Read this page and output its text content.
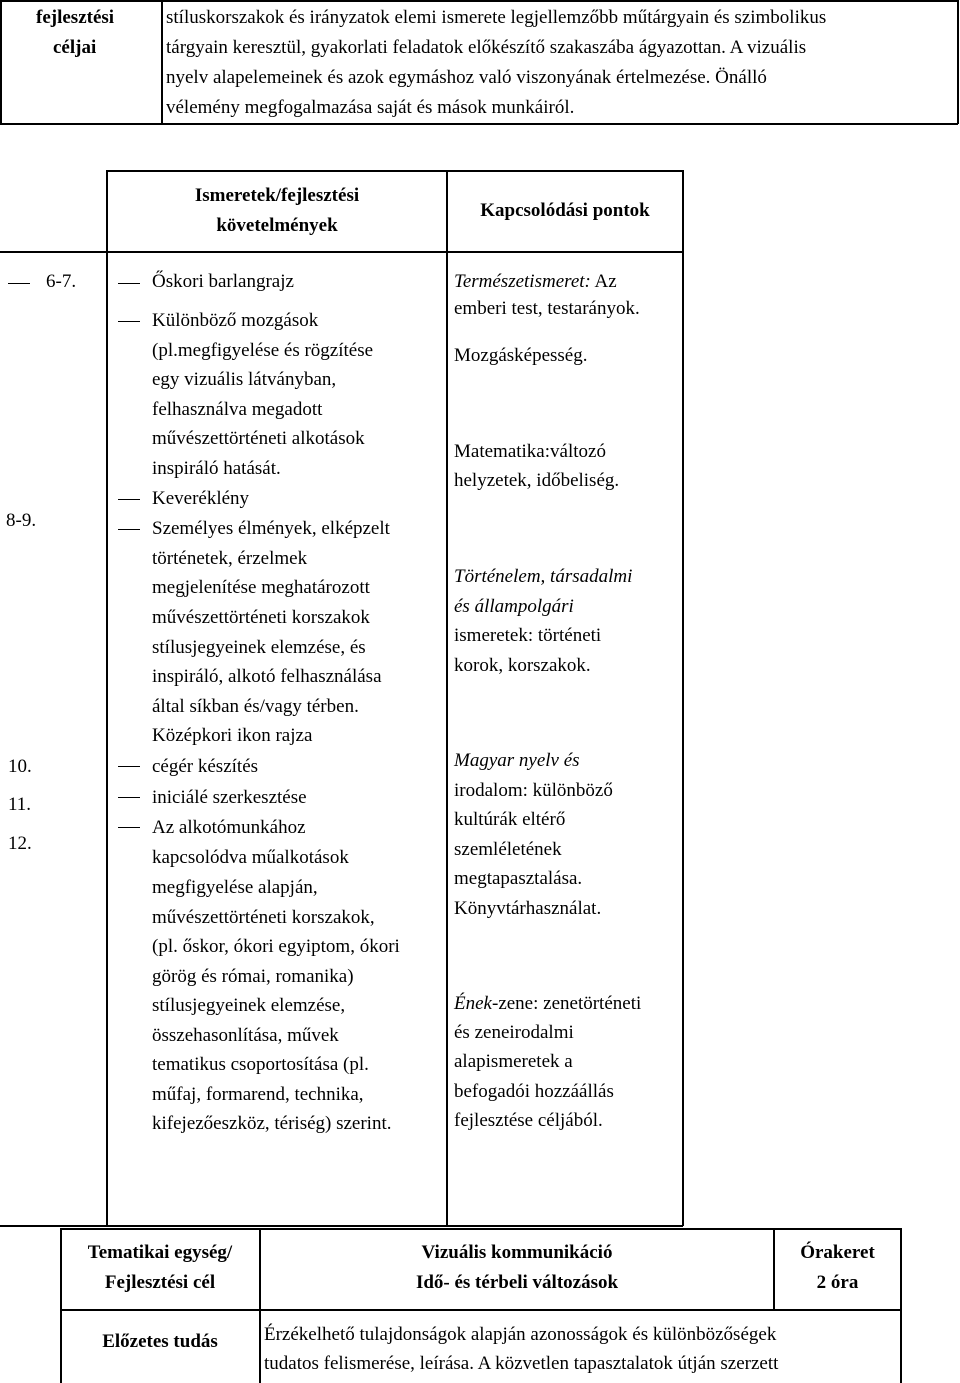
fejlesztési
céljai
stíluskorszakok és irányzatok elemi ismerete legjellemzőbb műtárgyain és szimbolikus
tárgyain keresztül, gyakorlati feladatok előkészítő szakaszába ágyazottan. A vizuális
nyelv alapelemeinek és azok egymáshoz való viszonyának értelmezése. Önálló
vélemény megfogalmazása saját és mások munkáiról.
Ismeretek/fejlesztési
követelmények
Kapcsolódási pontok
6-7.
8-9.
10.
11.
12.
Őskori barlangrajz
Különböző mozgások
(pl.megfigyelése és rögzítése
egy vizuális látványban,
felhasználva megadott
művészettörténeti alkotások
inspiráló hatását.
Keveréklény
Személyes élmények, elképzelt
történetek, érzelmek
megjelenítése meghatározott
művészettörténeti korszakok
stílusjegyeinek elemzése, és
inspiráló, alkotó felhasználása
által síkban és/vagy térben.
Középkori ikon rajza
cégér készítés
iniciálé szerkesztése
Az alkotómunkához
kapcsolódva műalkotások
megfigyelése alapján,
művészettörténeti korszakok,
(pl. őskor, ókori egyiptom, ókori
görög és római, romanika)
stílusjegyeinek elemzése,
összehasonlítása, művek
tematikus csoportosítása (pl.
műfaj, formarend, technika,
kifejezőeszköz, tériség) szerint.
Természetismeret: Az
emberi test, testarányok.
Mozgásképesség.
Matematika:változó
helyzetek, időbeliség.
Történelem, társadalmi
és állampolgári
ismeretek: történeti
korok, korszakok.
Magyar nyelv és
irodalom: különböző
kultúrák eltérő
szemléletének
megtapasztalása.
Könyvtárhasználat.
Ének-zene: zenetörténeti
és zeneirodalmi
alapismeretek a
befogadói hozzáállás
fejlesztése céljából.
Tematikai egység/
Fejlesztési cél
Vizuális kommunikáció
Idő- és térbeli változások
Órakeret
2 óra
Előzetes tudás	Érzékelhető tulajdonságok alapján azonosságok és különbözőségek
tudatos felismerése, leírása. A közvetlen tapasztalatok útján szerzett
